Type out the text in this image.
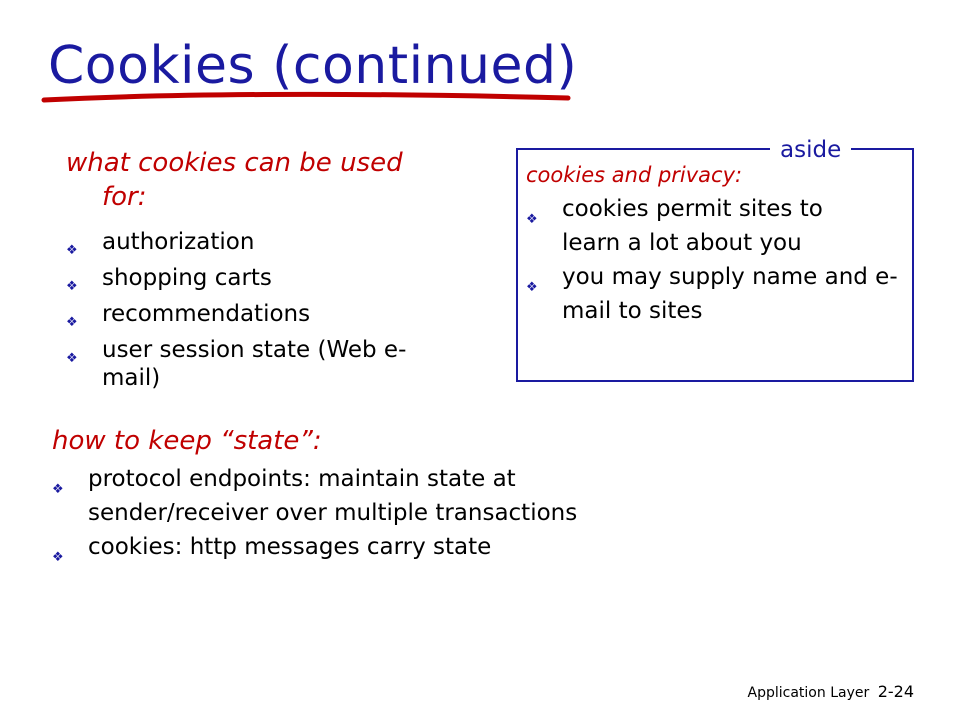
Cookies (continued)

what cookies can be used
for:

❖ authorization
❖ shopping carts
❖ recommendations
❖ user session state (Web e-mail)

how to keep “state”:

❖ protocol endpoints: maintain state at sender/receiver over multiple transactions
❖ cookies: http messages carry state
aside

cookies and privacy:

❖ cookies permit sites to learn a lot about you
❖ you may supply name and e-mail to sites
Application Layer 2-24
